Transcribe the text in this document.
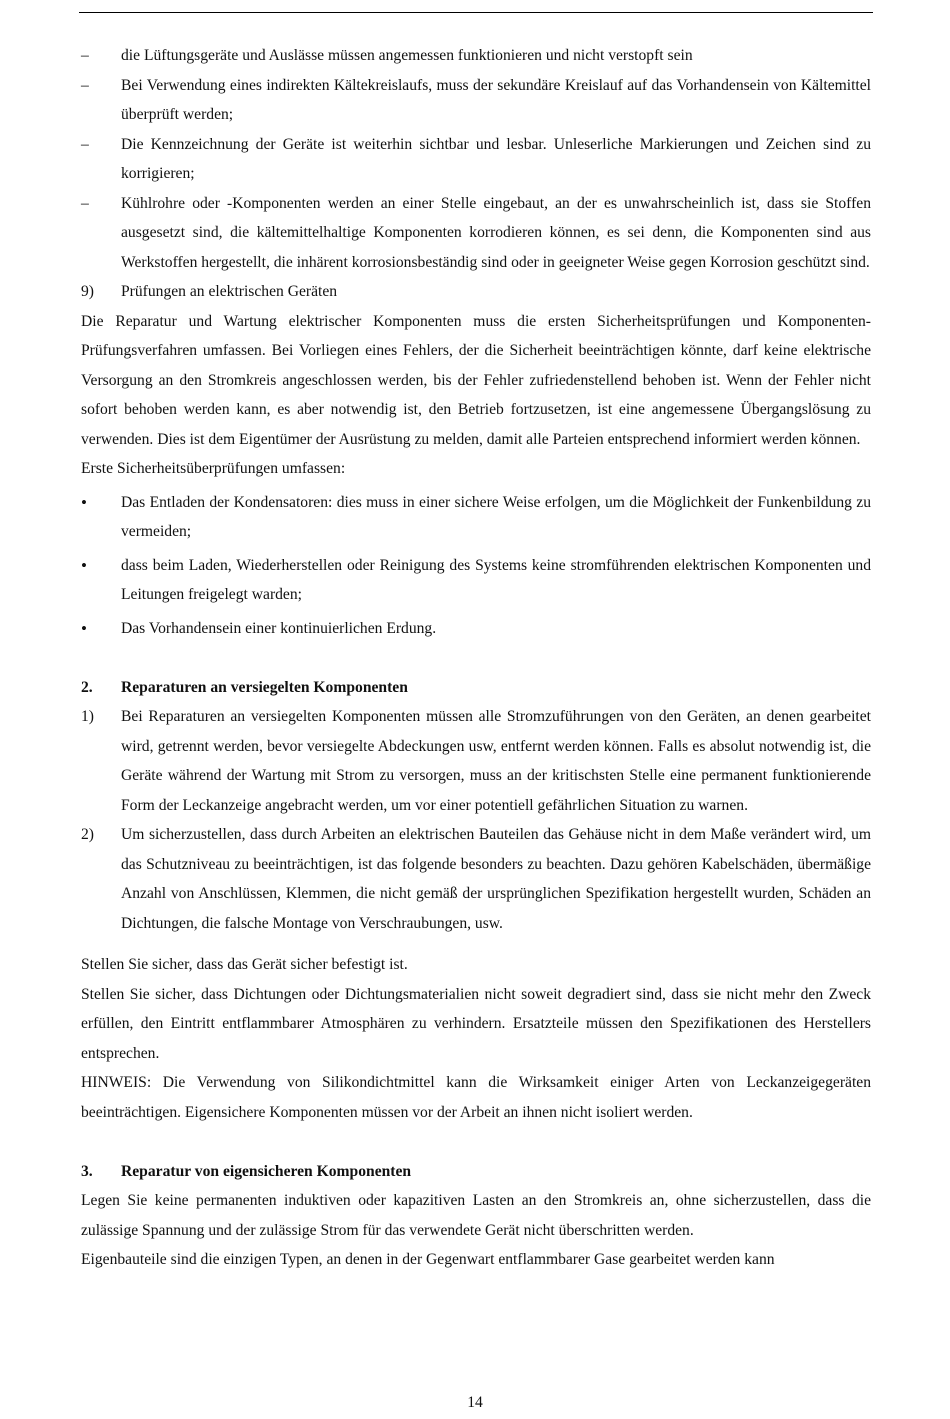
–	die Lüftungsgeräte und Auslässe müssen angemessen funktionieren und nicht verstopft sein
–	Bei Verwendung eines indirekten Kältekreislaufs, muss der sekundäre Kreislauf auf das Vorhandensein von Kältemittel überprüft werden;
–	Die Kennzeichnung der Geräte ist weiterhin sichtbar und lesbar. Unleserliche Markierungen und Zeichen sind zu korrigieren;
–	Kühlrohre oder -Komponenten werden an einer Stelle eingebaut, an der es unwahrscheinlich ist, dass sie Stoffen ausgesetzt sind, die kältemittelhaltige Komponenten korrodieren können, es sei denn, die Komponenten sind aus Werkstoffen hergestellt, die inhärent korrosionsbeständig sind oder in geeigneter Weise gegen Korrosion geschützt sind.
9)	Prüfungen an elektrischen Geräten

Die Reparatur und Wartung elektrischer Komponenten muss die ersten Sicherheitsprüfungen und Komponenten-Prüfungsverfahren umfassen. Bei Vorliegen eines Fehlers, der die Sicherheit beeinträchtigen könnte, darf keine elektrische Versorgung an den Stromkreis angeschlossen werden, bis der Fehler zufriedenstellend behoben ist. Wenn der Fehler nicht sofort behoben werden kann, es aber notwendig ist, den Betrieb fortzusetzen, ist eine angemessene Übergangslösung zu verwenden. Dies ist dem Eigentümer der Ausrüstung zu melden, damit alle Parteien entsprechend informiert werden können.

Erste Sicherheitsüberprüfungen umfassen:

•	Das Entladen der Kondensatoren: dies muss in einer sichere Weise erfolgen, um die Möglichkeit der Funkenbildung zu vermeiden;
•	dass beim Laden, Wiederherstellen oder Reinigung des Systems keine stromführenden elektrischen Komponenten und Leitungen freigelegt warden;
•	Das Vorhandensein einer kontinuierlichen Erdung.
2.	Reparaturen an versiegelten Komponenten
1)	Bei Reparaturen an versiegelten Komponenten müssen alle Stromzuführungen von den Geräten, an denen gearbeitet wird, getrennt werden, bevor versiegelte Abdeckungen usw, entfernt werden können. Falls es absolut notwendig ist, die Geräte während der Wartung mit Strom zu versorgen, muss an der kritischsten Stelle eine permanent funktionierende Form der Leckanzeige angebracht werden, um vor einer potentiell gefährlichen Situation zu warnen.
2)	Um sicherzustellen, dass durch Arbeiten an elektrischen Bauteilen das Gehäuse nicht in dem Maße verändert wird, um das Schutzniveau zu beeinträchtigen, ist das folgende besonders zu beachten. Dazu gehören Kabelschäden, übermäßige Anzahl von Anschlüssen, Klemmen, die nicht gemäß der ursprünglichen Spezifikation hergestellt wurden, Schäden an Dichtungen, die falsche Montage von Verschraubungen, usw.

Stellen Sie sicher, dass das Gerät sicher befestigt ist.

Stellen Sie sicher, dass Dichtungen oder Dichtungsmaterialien nicht soweit degradiert sind, dass sie nicht mehr den Zweck erfüllen, den Eintritt entflammbarer Atmosphären zu verhindern. Ersatzteile müssen den Spezifikationen des Herstellers entsprechen.

HINWEIS: Die Verwendung von Silikondichtmittel kann die Wirksamkeit einiger Arten von Leckanzeigegeräten beeinträchtigen. Eigensichere Komponenten müssen vor der Arbeit an ihnen nicht isoliert werden.

3.	Reparatur von eigensicheren Komponenten

Legen Sie keine permanenten induktiven oder kapazitiven Lasten an den Stromkreis an, ohne sicherzustellen, dass die zulässige Spannung und der zulässige Strom für das verwendete Gerät nicht überschritten werden.

Eigenbauteile sind die einzigen Typen, an denen in der Gegenwart entflammbarer Gase gearbeitet werden kann

14
